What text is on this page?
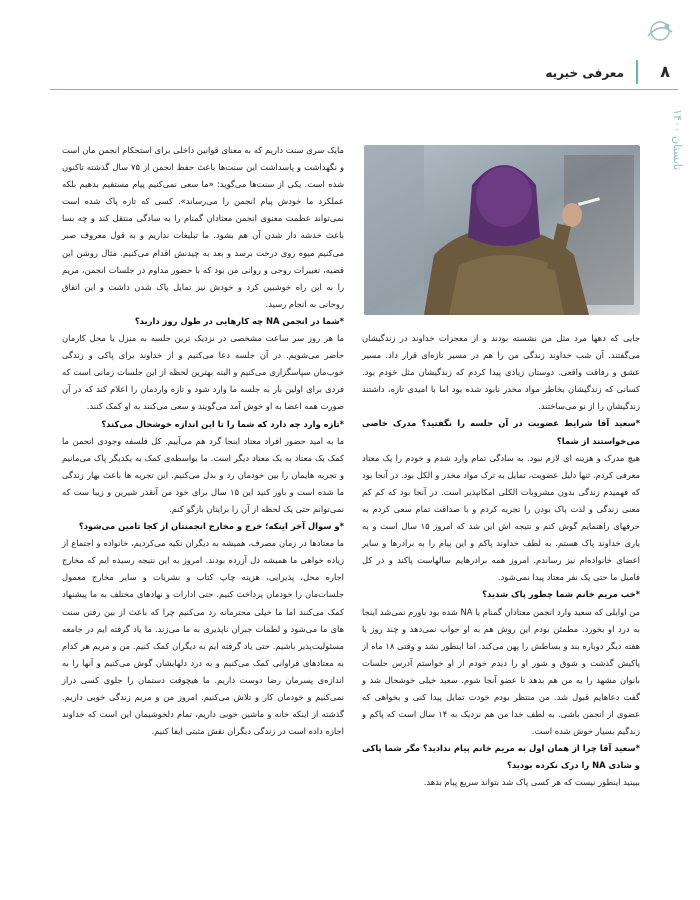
معرفی خیریه ۸
تابستان ۱۴۰۰

مایک سری سنت داریم که به معنای قوانین داخلی برای استحکام انجمن مان است و نگهداشت و پاسداشت این سنت‌ها باعث حفظ انجمن از ۷۵ سال گذشته تاکنون شده است. یکی از سنت‌ها می‌گوید: «ما سعی نمی‌کنیم پیام مستقیم بدهیم بلکه عملکرد ما خودش پیام انجمن را می‌رساند». کسی که تازه پاک شده است نمی‌تواند عظمت معنوی انجمن معتادان گمنام را به سادگی منتقل کند و چه بسا باعث خدشه دار شدن آن هم بشود. ما تبلیغات نداریم و به قول معروف صبر می‌کنیم میوه روی درخت برسد و بعد به چیدنش اقدام می‌کنیم. مثال روشن این قضیه، تغییرات روحی و روانی من بود که با حضور مداوم در جلسات انجمن، مریم را به این راه خوشبین کرد و خودش نیز تمایل پاک شدن داشت و این اتفاق روحانی به انجام رسید.

*شما در انجمن NA چه کارهایی در طول روز دارید؟

ما هر روز سر ساعت مشخصی در نزدیک ترین جلسه به منزل یا محل کارمان حاضر می‌شویم. در آن جلسه دعا می‌کنیم و از خداوند برای پاکی و زندگی خوب‌مان سپاسگزاری می‌کنیم و البته بهترین لحظه از این جلسات زمانی است که فردی برای اولین بار به جلسه ما وارد شود و تازه وارد‌مان را اعلام کند که در آن صورت همه اعضا به او خوش آمد می‌گویند و سعی می‌کنند به او کمک کنند.

*تازه وارد چه دارد که شما را تا این اندازه خوشحال می‌کند؟

ما به امید حضور افراد معتاد اینجا گرد هم می‌آییم. کل فلسفه وجودی انجمن ما کمک یک معتاد به یک معتاد دیگر است. ما بواسطه‌ی کمک به یکدیگر پاک می‌مانیم و تجربه هایمان را بین خودمان رد و بدل می‌کنیم. این تجربه ها باعث بهار زندگی ما شده است و باور کنید این ۱۵ سال برای خود من آنقدر شیرین و زیبا ست که نمی‌توانم حتی یک لحظه از آن را برایتان بازگو کنم.

*و سوال آخر اینکه؛ خرج و مخارج انجمنتان از کجا تامین می‌شود؟

ما معتادها در زمان مصرف، همیشه به دیگران تکیه می‌کردیم، خانواده و اجتماع از زیاده خواهی ما همیشه دل آزرده بودند. امروز به این نتیجه رسیده ایم که مخارج اجاره محل، پذیرایی، هزینه چاپ کتاب و نشریات و سایر مخارج معمول جلسات‌مان را خودمان پرداخت کنیم. حتی ادارات و نهادهای مختلف به ما پیشنهاد کمک می‌کنند اما ما خیلی محترمانه رد می‌کنیم چرا که باعث از بین رفتن سنت های ما می‌شود و لطمات جبران ناپذیری به ما می‌زند. ما یاد گرفته ایم در جامعه مسئولیت‌پذیر باشیم. حتی یاد گرفته ایم به دیگران کمک کنیم. من و مریم هر کدام به معتادهای فراوانی کمک می‌کنیم و به درد دلهایشان گوش می‌کنیم و آنها را به اندازه‌ی پسرمان رضا دوست داریم. ما هیچوقت دستمان را جلوی کسی دراز نمی‌کنیم و خودمان کار و تلاش می‌کنیم. امروز من و مریم زندگی خوبی داریم. گذشته از اینکه خانه و ماشین خوبی داریم، تمام دلخوشیمان این است که خداوند اجازه داده است در زندگی دیگران نقش مثبتی ایفا کنیم.

جایی که دهها مرد مثل من نشسته بودند و از معجزات خداوند در زندگیشان می‌گفتند. آن شب خداوند زندگی من را هم در مسیر تازه‌ای قرار داد. مسیر عشق و رفاقت واقعی. دوستان زیادی پیدا کردم که زندگیشان مثل خودم بود. کسانی که زندگیشان بخاطر مواد مخدر نابود شده بود اما با امیدی تازه، داشتند زندگیشان را از نو می‌ساختند.

*سعید آقا شرایط عضویت در آن جلسه را نگفتید؟ مدرک خاصی می‌خواستند از شما؟

هیچ مدرک و هزینه ای لازم نبود. به سادگی تمام وارد شدم و خودم را یک معتاد معرفی کردم. تنها دلیل عضویت، تمایل به ترک مواد مخدر و الکل بود. در آنجا بود که فهمیدم زندگی بدون مشروبات الکلی امکانپذیر است. در آنجا بود که کم کم معنی زندگی و لذت پاک بودن را تجربه کردم و با صداقت تمام سعی کردم به حرفهای راهنمایم گوش کنم و نتیجه اش این شد که امروز ۱۵ سال است و به یاری خداوند پاک هستم. به لطف خداوند پاکم و این پیام را به برادرها و سایر اعضای خانواده‌ام نیز رساندم. امروز همه برادرهایم سالهاست پاکند و در کل فامیل ما حتی یک نفر معتاد پیدا نمی‌شود.

*خب مریم خانم شما چطور پاک شدید؟

من اوایلی که سعید وارد انجمن معتادان گمنام یا NA شده بود باورم نمی‌شد اینجا به درد او بخورد. مطمئن بودم این روش هم به او جواب نمی‌دهد و چند روز یا هفته دیگر دوباره بند و بساطش را پهن می‌کند. اما اینطور نشد و وقتی ۱۸ ماه از پاکیش گذشت و شوق و شور او را دیدم خودم از او خواستم آدرس جلسات بانوان مشهد را به من هم بدهد تا عضو آنجا شوم. سعید خیلی خوشحال شد و گفت دعاهایم قبول شد. من منتظر بودم خودت تمایل پیدا کنی و بخواهی که عضوی از انجمن باشی. به لطف خدا من هم نزدیک به ۱۴ سال است که پاکم و زندگیم بسیار خوش شده است.

*سعید آقا چرا از همان اول به مریم خانم پیام ندادید؟ مگر شما پاکی و شادی NA را درک نکرده بودید؟

ببینید اینطور نیست که هر کسی پاک شد بتواند سریع پیام بدهد.
